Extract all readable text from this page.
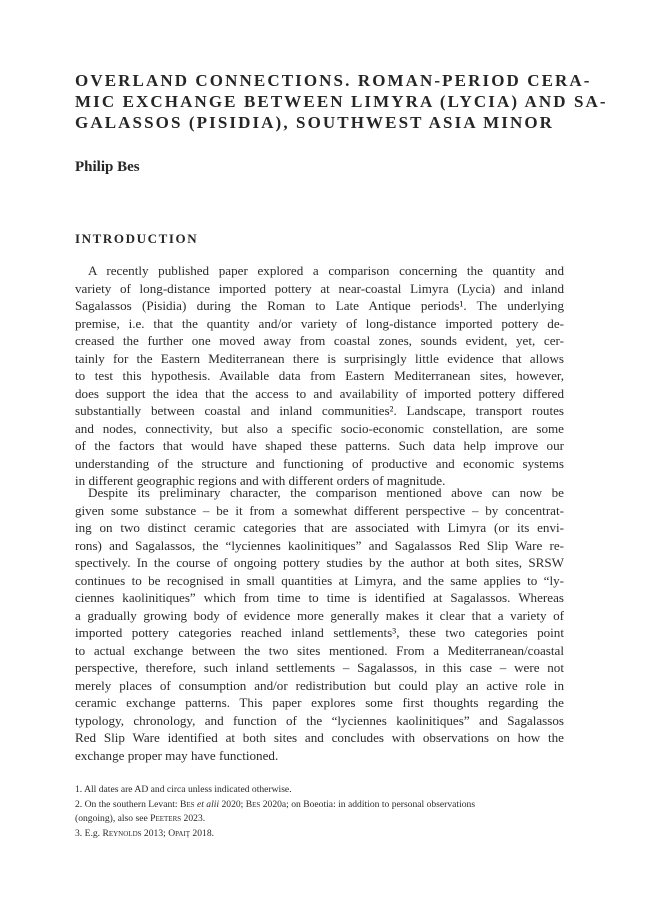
OVERLAND CONNECTIONS. ROMAN-PERIOD CERA-
MIC EXCHANGE BETWEEN LIMYRA (LYCIA) AND SA-
GALASSOS (PISIDIA), SOUTHWEST ASIA MINOR

Philip Bes

INTRODUCTION
A recently published paper explored a comparison concerning the quantity and
variety of long-distance imported pottery at near-coastal Limyra (Lycia) and inland
Sagalassos (Pisidia) during the Roman to Late Antique periods¹. The underlying
premise, i.e. that the quantity and/or variety of long-distance imported pottery de-
creased the further one moved away from coastal zones, sounds evident, yet, cer-
tainly for the Eastern Mediterranean there is surprisingly little evidence that allows
to test this hypothesis. Available data from Eastern Mediterranean sites, however,
does support the idea that the access to and availability of imported pottery differed
substantially between coastal and inland communities². Landscape, transport routes
and nodes, connectivity, but also a specific socio-economic constellation, are some
of the factors that would have shaped these patterns. Such data help improve our
understanding of the structure and functioning of productive and economic systems
in different geographic regions and with different orders of magnitude.
Despite its preliminary character, the comparison mentioned above can now be
given some substance – be it from a somewhat different perspective – by concentrat-
ing on two distinct ceramic categories that are associated with Limyra (or its envi-
rons) and Sagalassos, the “lyciennes kaolinitiques” and Sagalassos Red Slip Ware re-
spectively. In the course of ongoing pottery studies by the author at both sites, SRSW
continues to be recognised in small quantities at Limyra, and the same applies to “ly-
ciennes kaolinitiques” which from time to time is identified at Sagalassos. Whereas
a gradually growing body of evidence more generally makes it clear that a variety of
imported pottery categories reached inland settlements³, these two categories point
to actual exchange between the two sites mentioned. From a Mediterranean/coastal
perspective, therefore, such inland settlements – Sagalassos, in this case – were not
merely places of consumption and/or redistribution but could play an active role in
ceramic exchange patterns. This paper explores some first thoughts regarding the
typology, chronology, and function of the “lyciennes kaolinitiques” and Sagalassos
Red Slip Ware identified at both sites and concludes with observations on how the
exchange proper may have functioned.
1. All dates are AD and circa unless indicated otherwise.
2. On the southern Levant: Bes et alii 2020; Bes 2020a; on Boeotia: in addition to personal observations
(ongoing), also see Peeters 2023.
3. E.g. Reynolds 2013; Opaiţ 2018.
